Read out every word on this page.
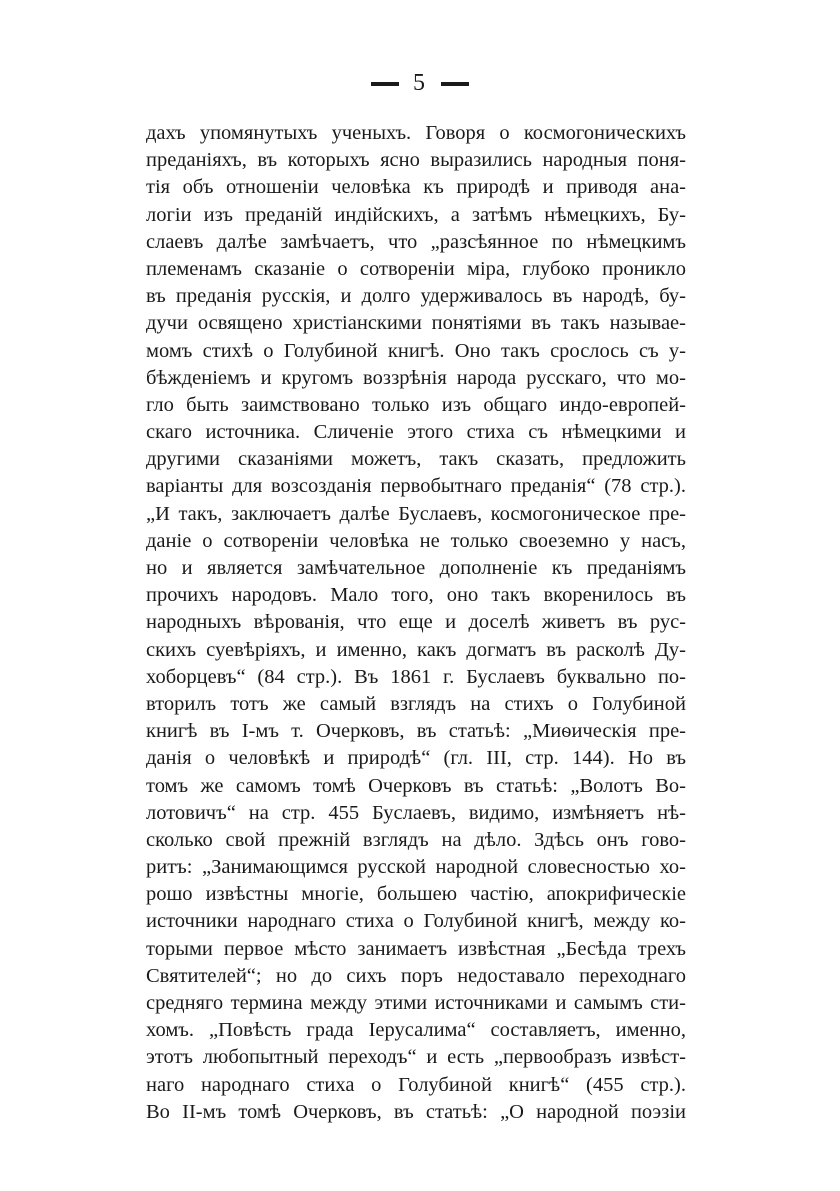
5
дахъ упомянутыхъ ученыхъ. Говоря о космогоническихъ
преданіяхъ, въ которыхъ ясно выразились народныя поня-
тія объ отношеніи человѣка къ природѣ и приводя ана-
логіи изъ преданій индійскихъ, а затѣмъ нѣмецкихъ, Бу-
слаевъ далѣе замѣчаетъ, что „разсѣянное по нѣмецкимъ
племенамъ сказаніе о сотвореніи міра, глубоко проникло
въ преданія русскія, и долго удерживалось въ народѣ, бу-
дучи освящено христіанскими понятіями въ такъ называе-
момъ стихѣ о Голубиной книгѣ. Оно такъ срослось съ у-
бѣжденіемъ и кругомъ воззрѣнія народа русскаго, что мо-
гло быть заимствовано только изъ общаго индо-европей-
скаго источника. Сличеніе этого стиха съ нѣмецкими и
другими сказаніями можетъ, такъ сказать, предложить
варіанты для возсозданія первобытнаго преданія“ (78 стр.).
„И такъ, заключаетъ далѣе Буслаевъ, космогоническое пре-
даніе о сотвореніи человѣка не только своеземно у насъ,
но и является замѣчательное дополненіе къ преданіямъ
прочихъ народовъ. Мало того, оно такъ вкоренилось въ
народныхъ вѣрованія, что еще и доселѣ живетъ въ рус-
скихъ суевѣріяхъ, и именно, какъ догматъ въ расколѣ Ду-
хоборцевъ“ (84 стр.). Въ 1861 г. Буслаевъ буквально по-
вторилъ тотъ же самый взглядъ на стихъ о Голубиной
книгѣ въ І-мъ т. Очерковъ, въ статьѣ: „Миѳическія пре-
данія о человѣкѣ и природѣ“ (гл. III, стр. 144). Но въ
томъ же самомъ томѣ Очерковъ въ статьѣ: „Волотъ Во-
лотовичъ“ на стр. 455 Буслаевъ, видимо, измѣняетъ нѣ-
сколько свой прежній взглядъ на дѣло. Здѣсь онъ гово-
ритъ: „Занимающимся русской народной словесностью хо-
рошо извѣстны многіе, большею частію, апокрифическіе
источники народнаго стиха о Голубиной книгѣ, между ко-
торыми первое мѣсто занимаетъ извѣстная „Бесѣда трехъ
Святителей“; но до сихъ поръ недоставало переходнаго
средняго термина между этими источниками и самымъ сти-
хомъ. „Повѣсть града Іерусалима“ составляетъ, именно,
этотъ любопытный переходъ“ и есть „первообразъ извѣст-
наго народнаго стиха о Голубиной книгѣ“ (455 стр.).
Во II-мъ томѣ Очерковъ, въ статьѣ: „О народной поэзіи
